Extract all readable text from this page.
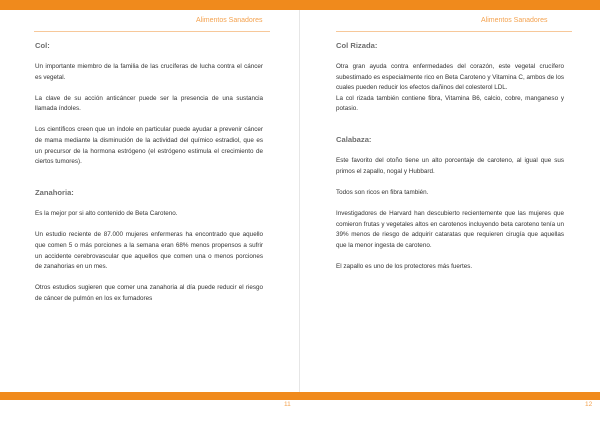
Alimentos Sanadores	Alimentos Sanadores
Col:

Un importante miembro de la familia de las crucíferas de lucha contra el cáncer es vegetal.

La clave de su acción anticáncer puede ser la presencia de una sustancia llamada índoles.

Los científicos creen que un índole en particular puede ayudar a prevenir cáncer de mama mediante la disminución de la actividad del químico estradiol, que es un precursor de la hormona estrógeno (el estrógeno estimula el crecimiento de ciertos tumores).

Zanahoria:

Es la mejor por si alto contenido de Beta Caroteno.

Un estudio reciente de 87.000 mujeres enfermeras ha encontrado que aquello que comen 5 o más porciones a la semana eran 68% menos propensos a sufrir un accidente cerebrovascular que aquellos que comen una o menos porciones de zanahorias en un mes.

Otros estudios sugieren que comer una zanahoria al día puede reducir el riesgo de cáncer de pulmón en los ex fumadores

Col Rizada:

Otra gran ayuda contra enfermedades del corazón, este vegetal crucífero subestimado es especialmente rico en Beta Caroteno y Vitamina C, ambos de los cuales pueden reducir los efectos dañinos del colesterol LDL.

La col rizada también contiene fibra, Vitamina B6, calcio, cobre, manganeso y potasio.

Calabaza:

Este favorito del otoño tiene un alto porcentaje de caroteno, al igual que sus primos el zapallo, nogal y Hubbard.

Todos son ricos en fibra también.

Investigadores de Harvard han descubierto recientemente que las mujeres que comieron frutas y vegetales altos en carotenos incluyendo beta caroteno tenía un 39% menos de riesgo de adquirir cataratas que requieren cirugía que aquellas que la menor ingesta de caroteno.

El zapallo es uno de los protectores más fuertes.

11	12
